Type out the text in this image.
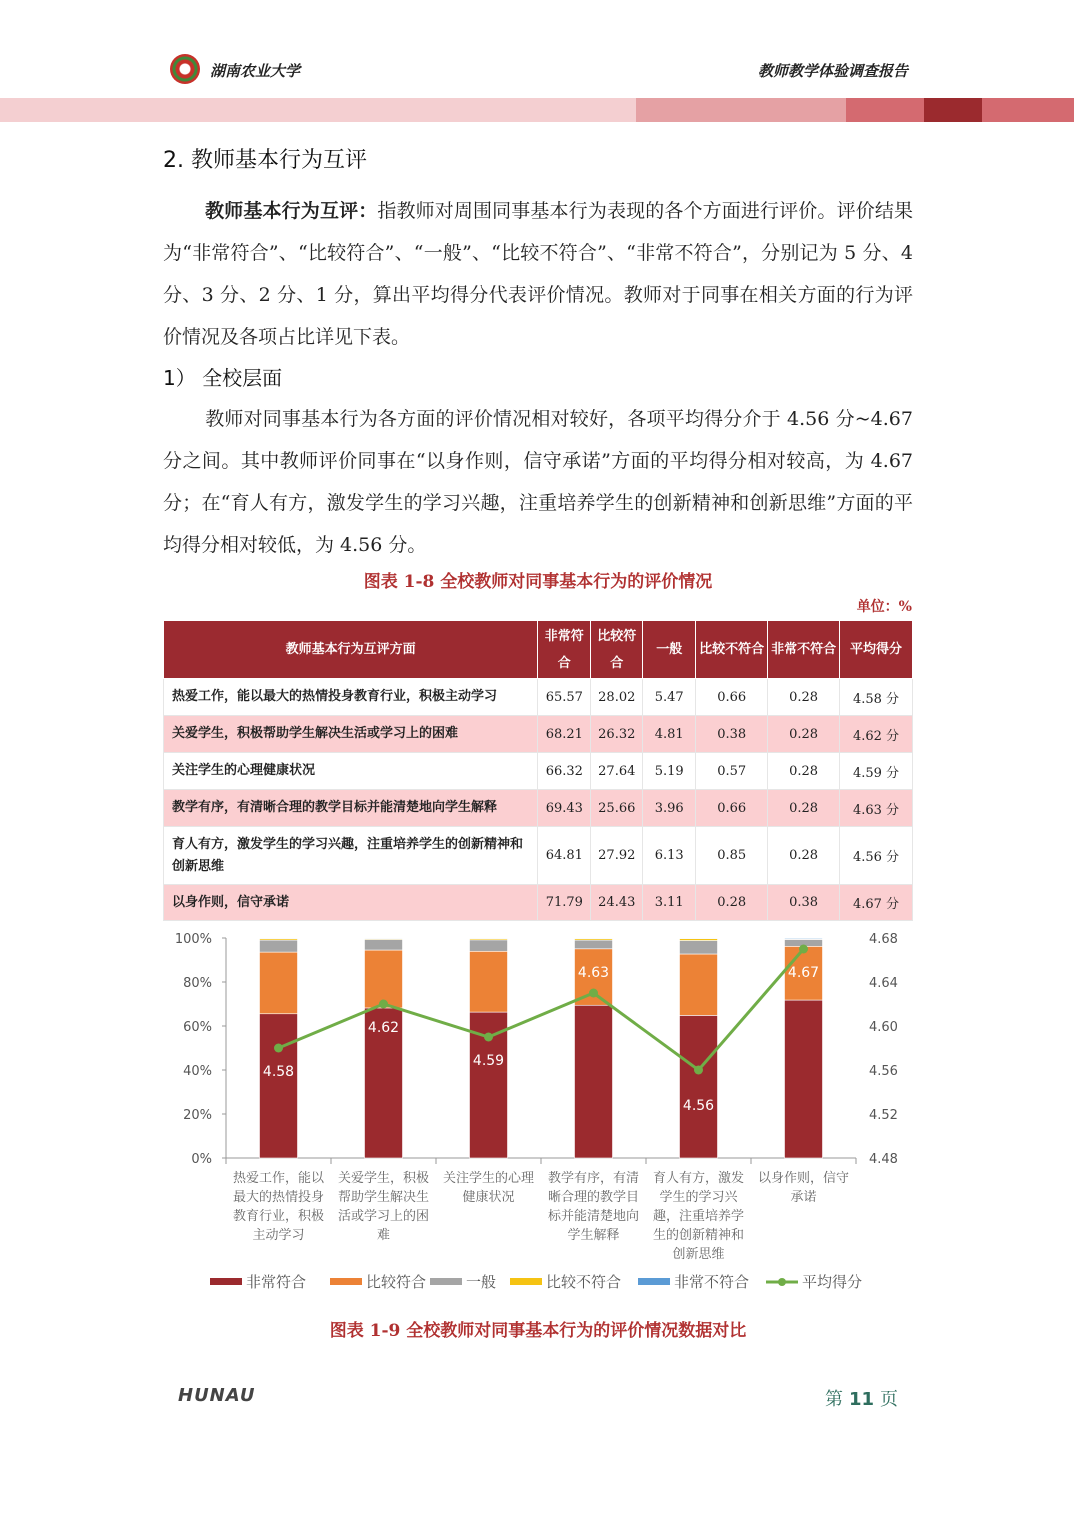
湖南农业大学	教师教学体验调查报告
2. 教师基本行为互评
教师基本行为互评：指教师对周围同事基本行为表现的各个方面进行评价。评价结果为“非常符合”、“比较符合”、“一般”、“比较不符合”、“非常不符合”，分别记为 5 分、4 分、3 分、2 分、1 分，算出平均得分代表评价情况。教师对于同事在相关方面的行为评价情况及各项占比详见下表。
1） 全校层面
教师对同事基本行为各方面的评价情况相对较好，各项平均得分介于 4.56 分~4.67 分之间。其中教师评价同事在“以身作则，信守承诺”方面的平均得分相对较高，为 4.67 分；在“育人有方，激发学生的学习兴趣，注重培养学生的创新精神和创新思维”方面的平均得分相对较低，为 4.56 分。
图表 1-8 全校教师对同事基本行为的评价情况
单位：%
教师基本行为互评方面	非常符合	比较符合	一般	比较不符合	非常不符合	平均得分
热爱工作，能以最大的热情投身教育行业，积极主动学习	65.57	28.02	5.47	0.66	0.28	4.58 分
关爱学生，积极帮助学生解决生活或学习上的困难	68.21	26.32	4.81	0.38	0.28	4.62 分
关注学生的心理健康状况	66.32	27.64	5.19	0.57	0.28	4.59 分
教学有序，有清晰合理的教学目标并能清楚地向学生解释	69.43	25.66	3.96	0.66	0.28	4.63 分
育人有方，激发学生的学习兴趣，注重培养学生的创新精神和创新思维	64.81	27.92	6.13	0.85	0.28	4.56 分
以身作则，信守承诺	71.79	24.43	3.11	0.28	0.38	4.67 分
0%
20%
40%
60%
80%
100%
4.48
4.52
4.56
4.60
4.64
4.68
4.58
4.62
4.59
4.63
4.56
4.67
热爱工作，能以
最大的热情投身
教育行业，积极
主动学习
关爱学生，积极
帮助学生解决生
活或学习上的困
难
关注学生的心理
健康状况
教学有序，有清
晰合理的教学目
标并能清楚地向
学生解释
育人有方，激发
学生的学习兴
趣，注重培养学
生的创新精神和
创新思维
以身作则，信守
承诺
非常符合	比较符合	一般	比较不符合	非常不符合	平均得分
图表 1-9 全校教师对同事基本行为的评价情况数据对比
HUNAU	第 11 页
